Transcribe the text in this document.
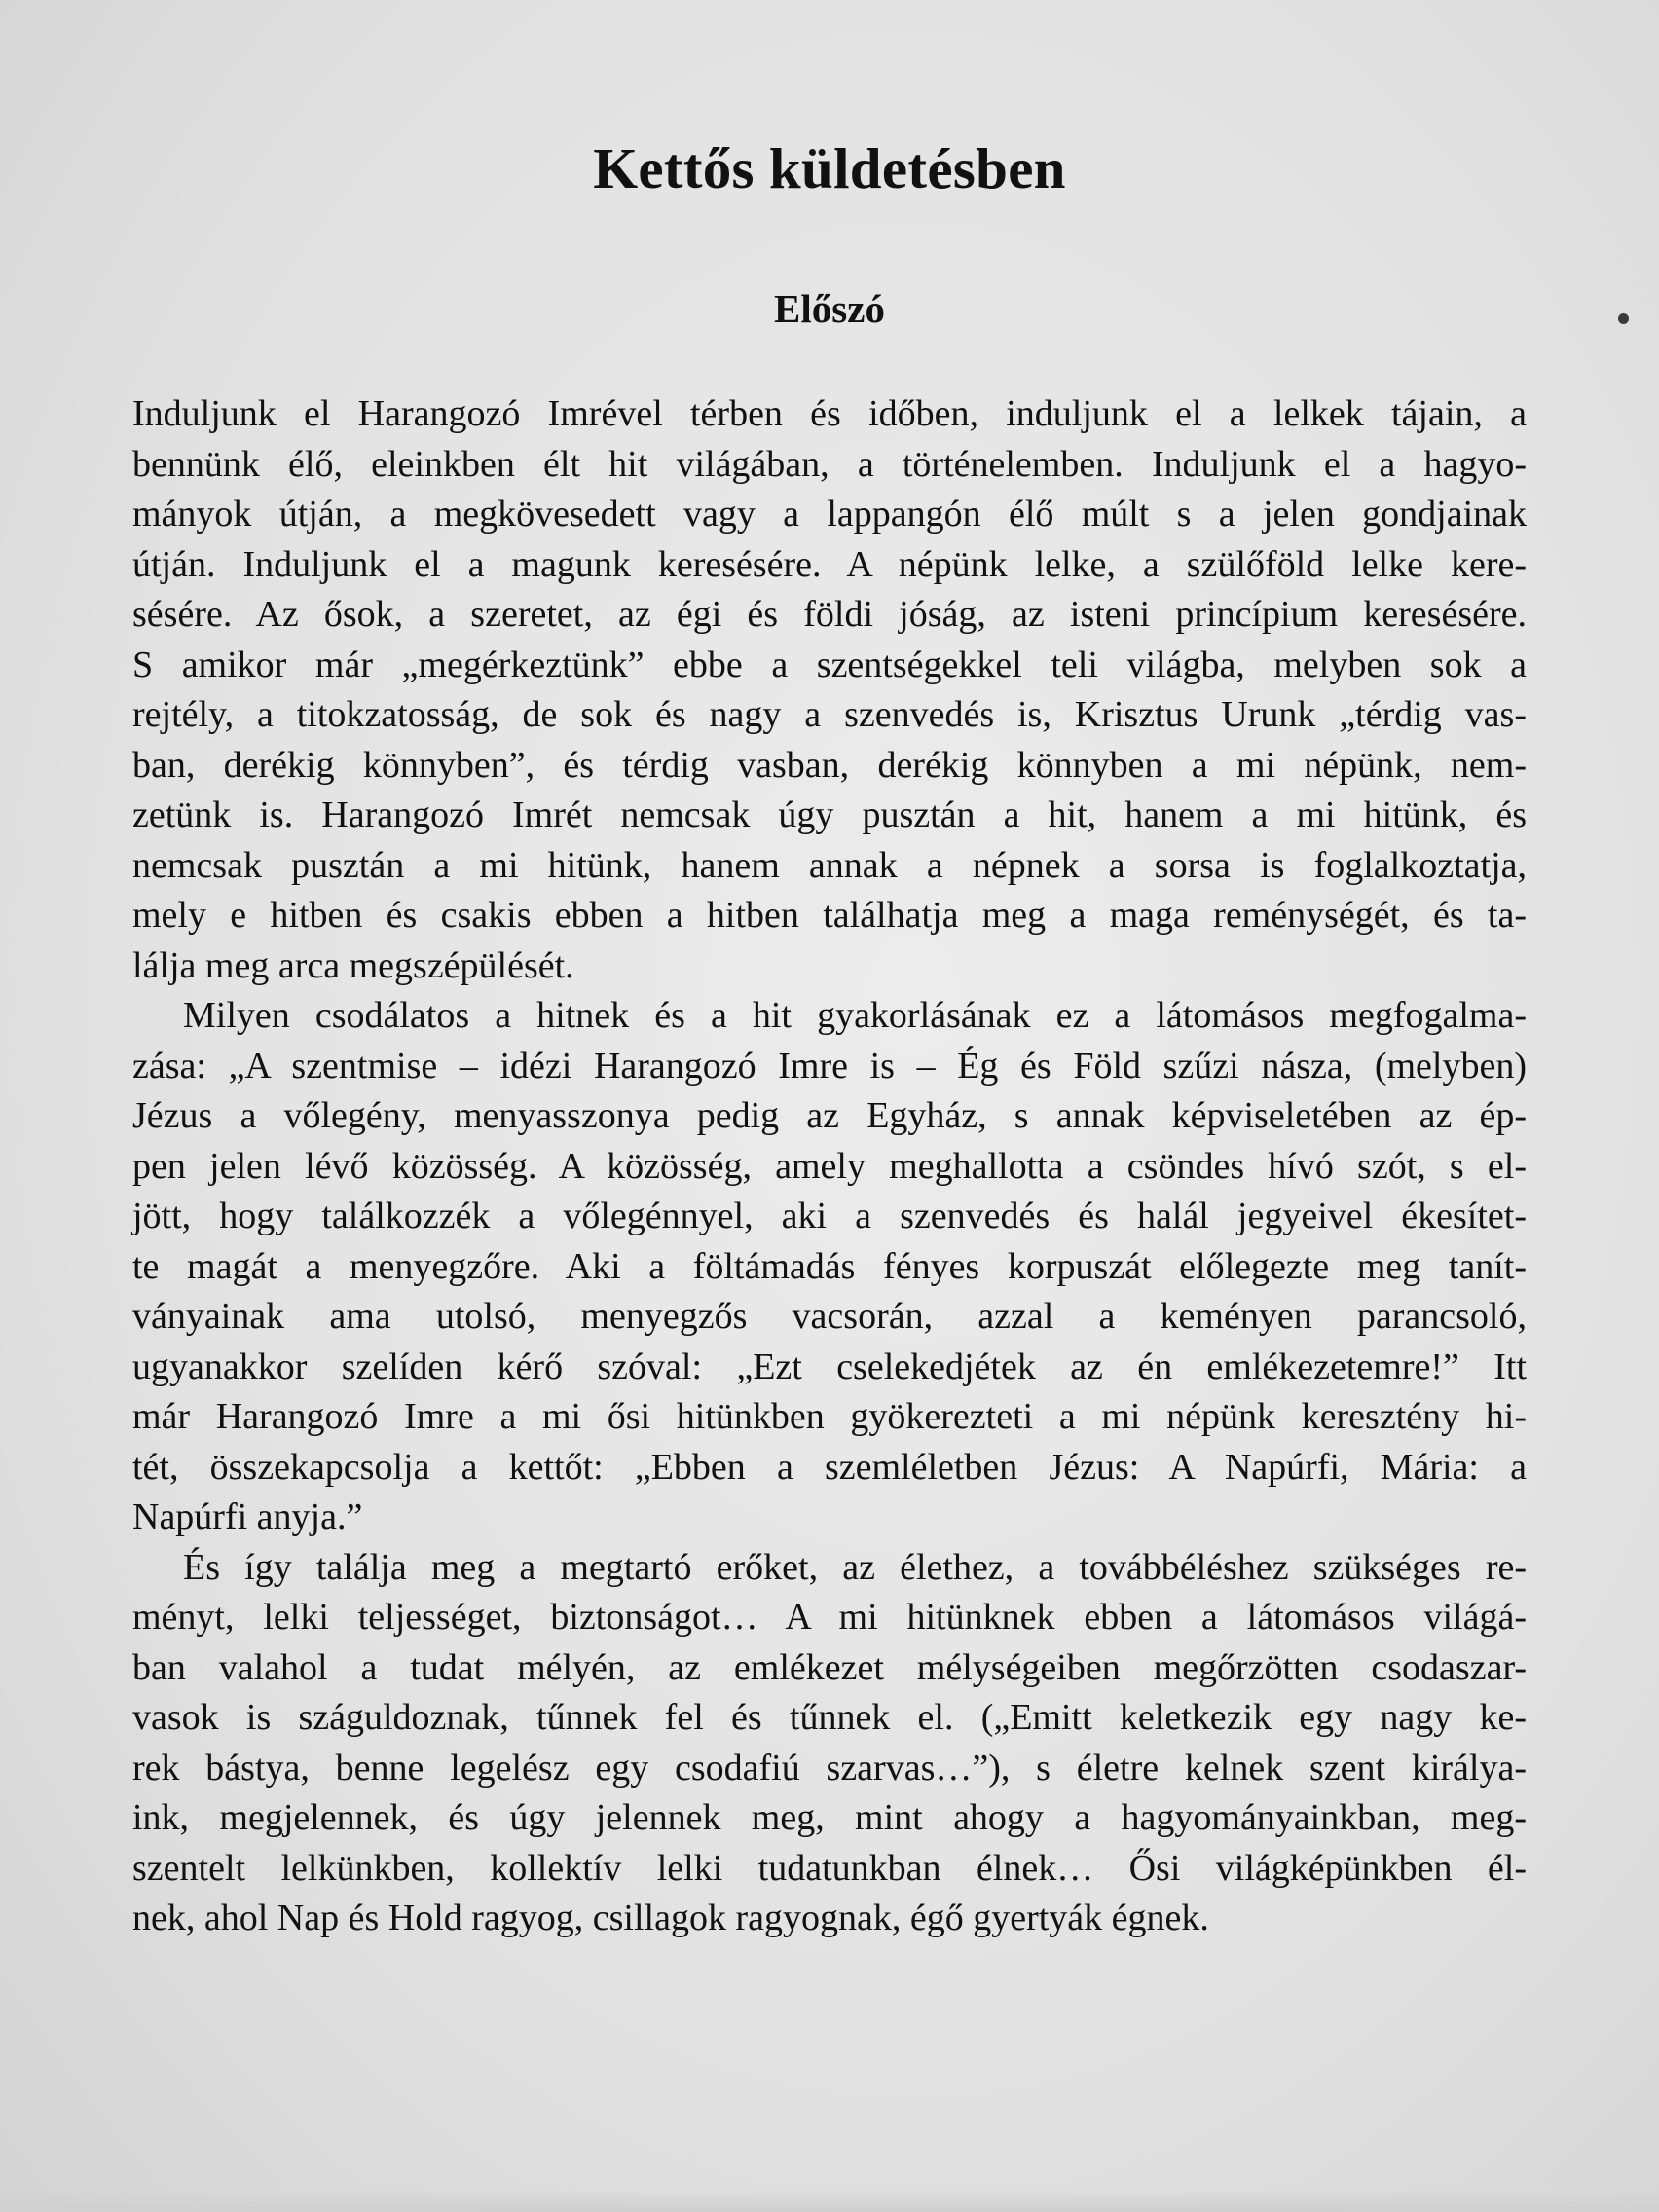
Kettős küldetésben
Előszó
Induljunk el Harangozó Imrével térben és időben, induljunk el a lelkek tájain, a
bennünk élő, eleinkben élt hit világában, a történelemben. Induljunk el a hagyo-
mányok útján, a megkövesedett vagy a lappangón élő múlt s a jelen gondjainak
útján. Induljunk el a magunk keresésére. A népünk lelke, a szülőföld lelke kere-
sésére. Az ősok, a szeretet, az égi és földi jóság, az isteni princípium keresésére.
S amikor már „megérkeztünk” ebbe a szentségekkel teli világba, melyben sok a
rejtély, a titokzatosság, de sok és nagy a szenvedés is, Krisztus Urunk „térdig vas-
ban, derékig könnyben”, és térdig vasban, derékig könnyben a mi népünk, nem-
zetünk is. Harangozó Imrét nemcsak úgy pusztán a hit, hanem a mi hitünk, és
nemcsak pusztán a mi hitünk, hanem annak a népnek a sorsa is foglalkoztatja,
mely e hitben és csakis ebben a hitben találhatja meg a maga reménységét, és ta-
lálja meg arca megszépülését.
Milyen csodálatos a hitnek és a hit gyakorlásának ez a látomásos megfogalma-
zása: „A szentmise – idézi Harangozó Imre is – Ég és Föld szűzi násza, (melyben)
Jézus a vőlegény, menyasszonya pedig az Egyház, s annak képviseletében az ép-
pen jelen lévő közösség. A közösség, amely meghallotta a csöndes hívó szót, s el-
jött, hogy találkozzék a vőlegénnyel, aki a szenvedés és halál jegyeivel ékesítet-
te magát a menyegzőre. Aki a föltámadás fényes korpuszát előlegezte meg tanít-
ványainak ama utolsó, menyegzős vacsorán, azzal a keményen parancsoló,
ugyanakkor szelíden kérő szóval: „Ezt cselekedjétek az én emlékezetemre!” Itt
már Harangozó Imre a mi ősi hitünkben gyökerezteti a mi népünk keresztény hi-
tét, összekapcsolja a kettőt: „Ebben a szemléletben Jézus: A Napúrfi, Mária: a
Napúrfi anyja.”
És így találja meg a megtartó erőket, az élethez, a továbbéléshez szükséges re-
ményt, lelki teljességet, biztonságot… A mi hitünknek ebben a látomásos világá-
ban valahol a tudat mélyén, az emlékezet mélységeiben megőrzötten csodaszar-
vasok is száguldoznak, tűnnek fel és tűnnek el. („Emitt keletkezik egy nagy ke-
rek bástya, benne legelész egy csodafiú szarvas…”), s életre kelnek szent királya-
ink, megjelennek, és úgy jelennek meg, mint ahogy a hagyományainkban, meg-
szentelt lelkünkben, kollektív lelki tudatunkban élnek… Ősi világképünkben él-
nek, ahol Nap és Hold ragyog, csillagok ragyognak, égő gyertyák égnek.
